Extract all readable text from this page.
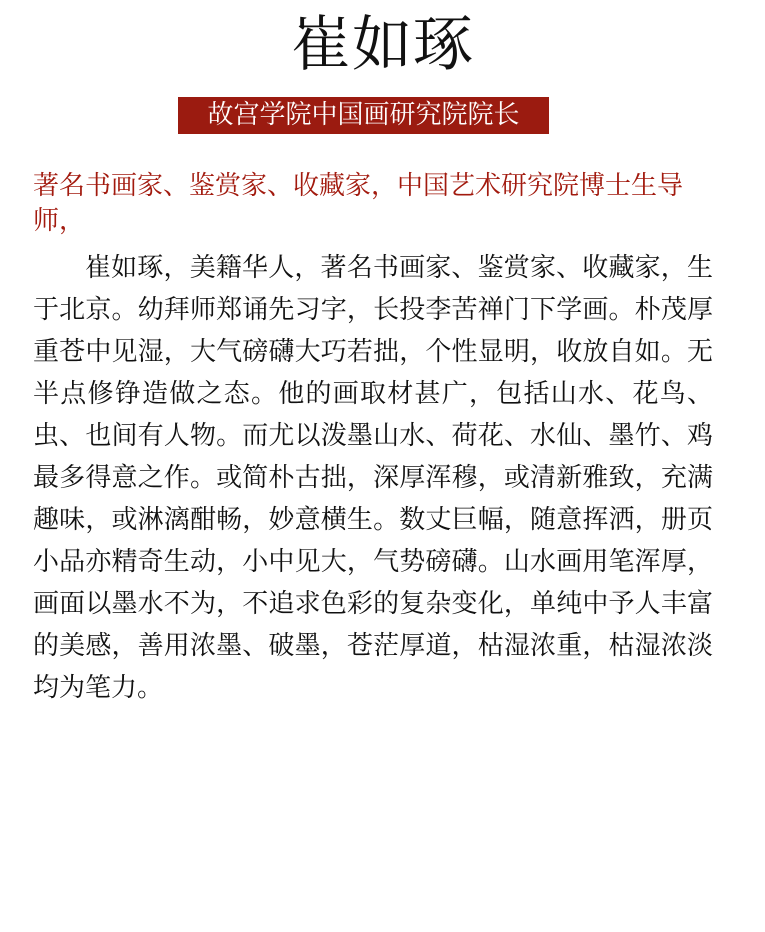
崔如琢
故宫学院中国画研究院院长

著名书画家、鉴赏家、收藏家，中国艺术研究院博士生导师，

崔如琢，美籍华人，著名书画家、鉴赏家、收藏家，生于北京。幼拜师郑诵先习字，长投李苦禅门下学画。朴茂厚重苍中见湿，大气磅礴大巧若拙，个性显明，收放自如。无半点修铮造做之态。他的画取材甚广，包括山水、花鸟、虫、也间有人物。而尤以泼墨山水、荷花、水仙、墨竹、鸡最多得意之作。或简朴古拙，深厚浑穆，或清新雅致，充满趣味，或淋漓酣畅，妙意横生。数丈巨幅，随意挥洒，册页小品亦精奇生动，小中见大，气势磅礴。山水画用笔浑厚，画面以墨水不为，不追求色彩的复杂变化，单纯中予人丰富的美感，善用浓墨、破墨，苍茫厚道，枯湿浓重，枯湿浓淡均为笔力。
